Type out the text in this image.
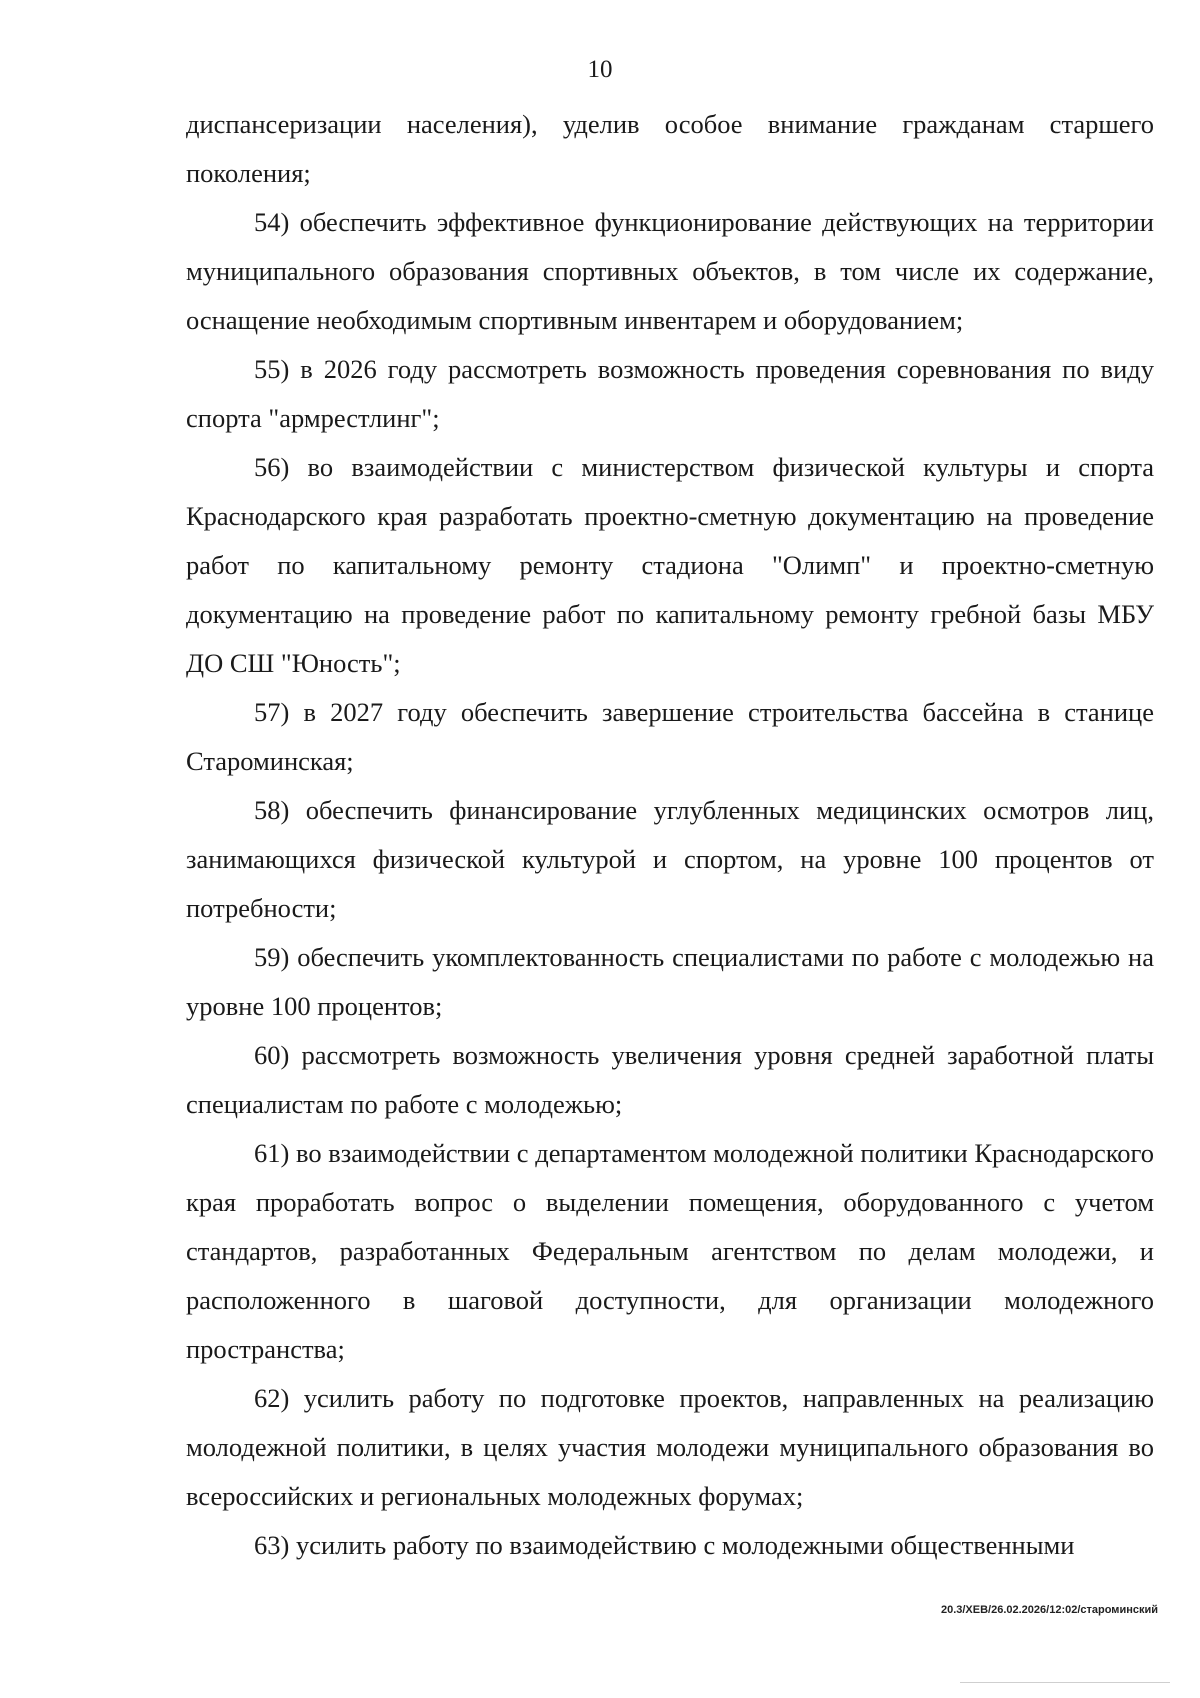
10

диспансеризации населения), уделив особое внимание гражданам старшего поколения;

54) обеспечить эффективное функционирование действующих на территории муниципального образования спортивных объектов, в том числе их содержание, оснащение необходимым спортивным инвентарем и оборудованием;

55) в 2026 году рассмотреть возможность проведения соревнования по виду спорта "армрестлинг";

56) во взаимодействии с министерством физической культуры и спорта Краснодарского края разработать проектно-сметную документацию на проведение работ по капитальному ремонту стадиона "Олимп" и проектно-сметную документацию на проведение работ по капитальному ремонту гребной базы МБУ ДО СШ "Юность";

57) в 2027 году обеспечить завершение строительства бассейна в станице Староминская;

58) обеспечить финансирование углубленных медицинских осмотров лиц, занимающихся физической культурой и спортом, на уровне 100 процентов от потребности;

59) обеспечить укомплектованность специалистами по работе с молодежью на уровне 100 процентов;

60) рассмотреть возможность увеличения уровня средней заработной платы специалистам по работе с молодежью;

61) во взаимодействии с департаментом молодежной политики Краснодарского края проработать вопрос о выделении помещения, оборудованного с учетом стандартов, разработанных Федеральным агентством по делам молодежи, и расположенного в шаговой доступности, для организации молодежного пространства;

62) усилить работу по подготовке проектов, направленных на реализацию молодежной политики, в целях участия молодежи муниципального образования во всероссийских и региональных молодежных форумах;

63) усилить работу по взаимодействию с молодежными общественными

20.3/ХЕВ/26.02.2026/12:02/староминский
